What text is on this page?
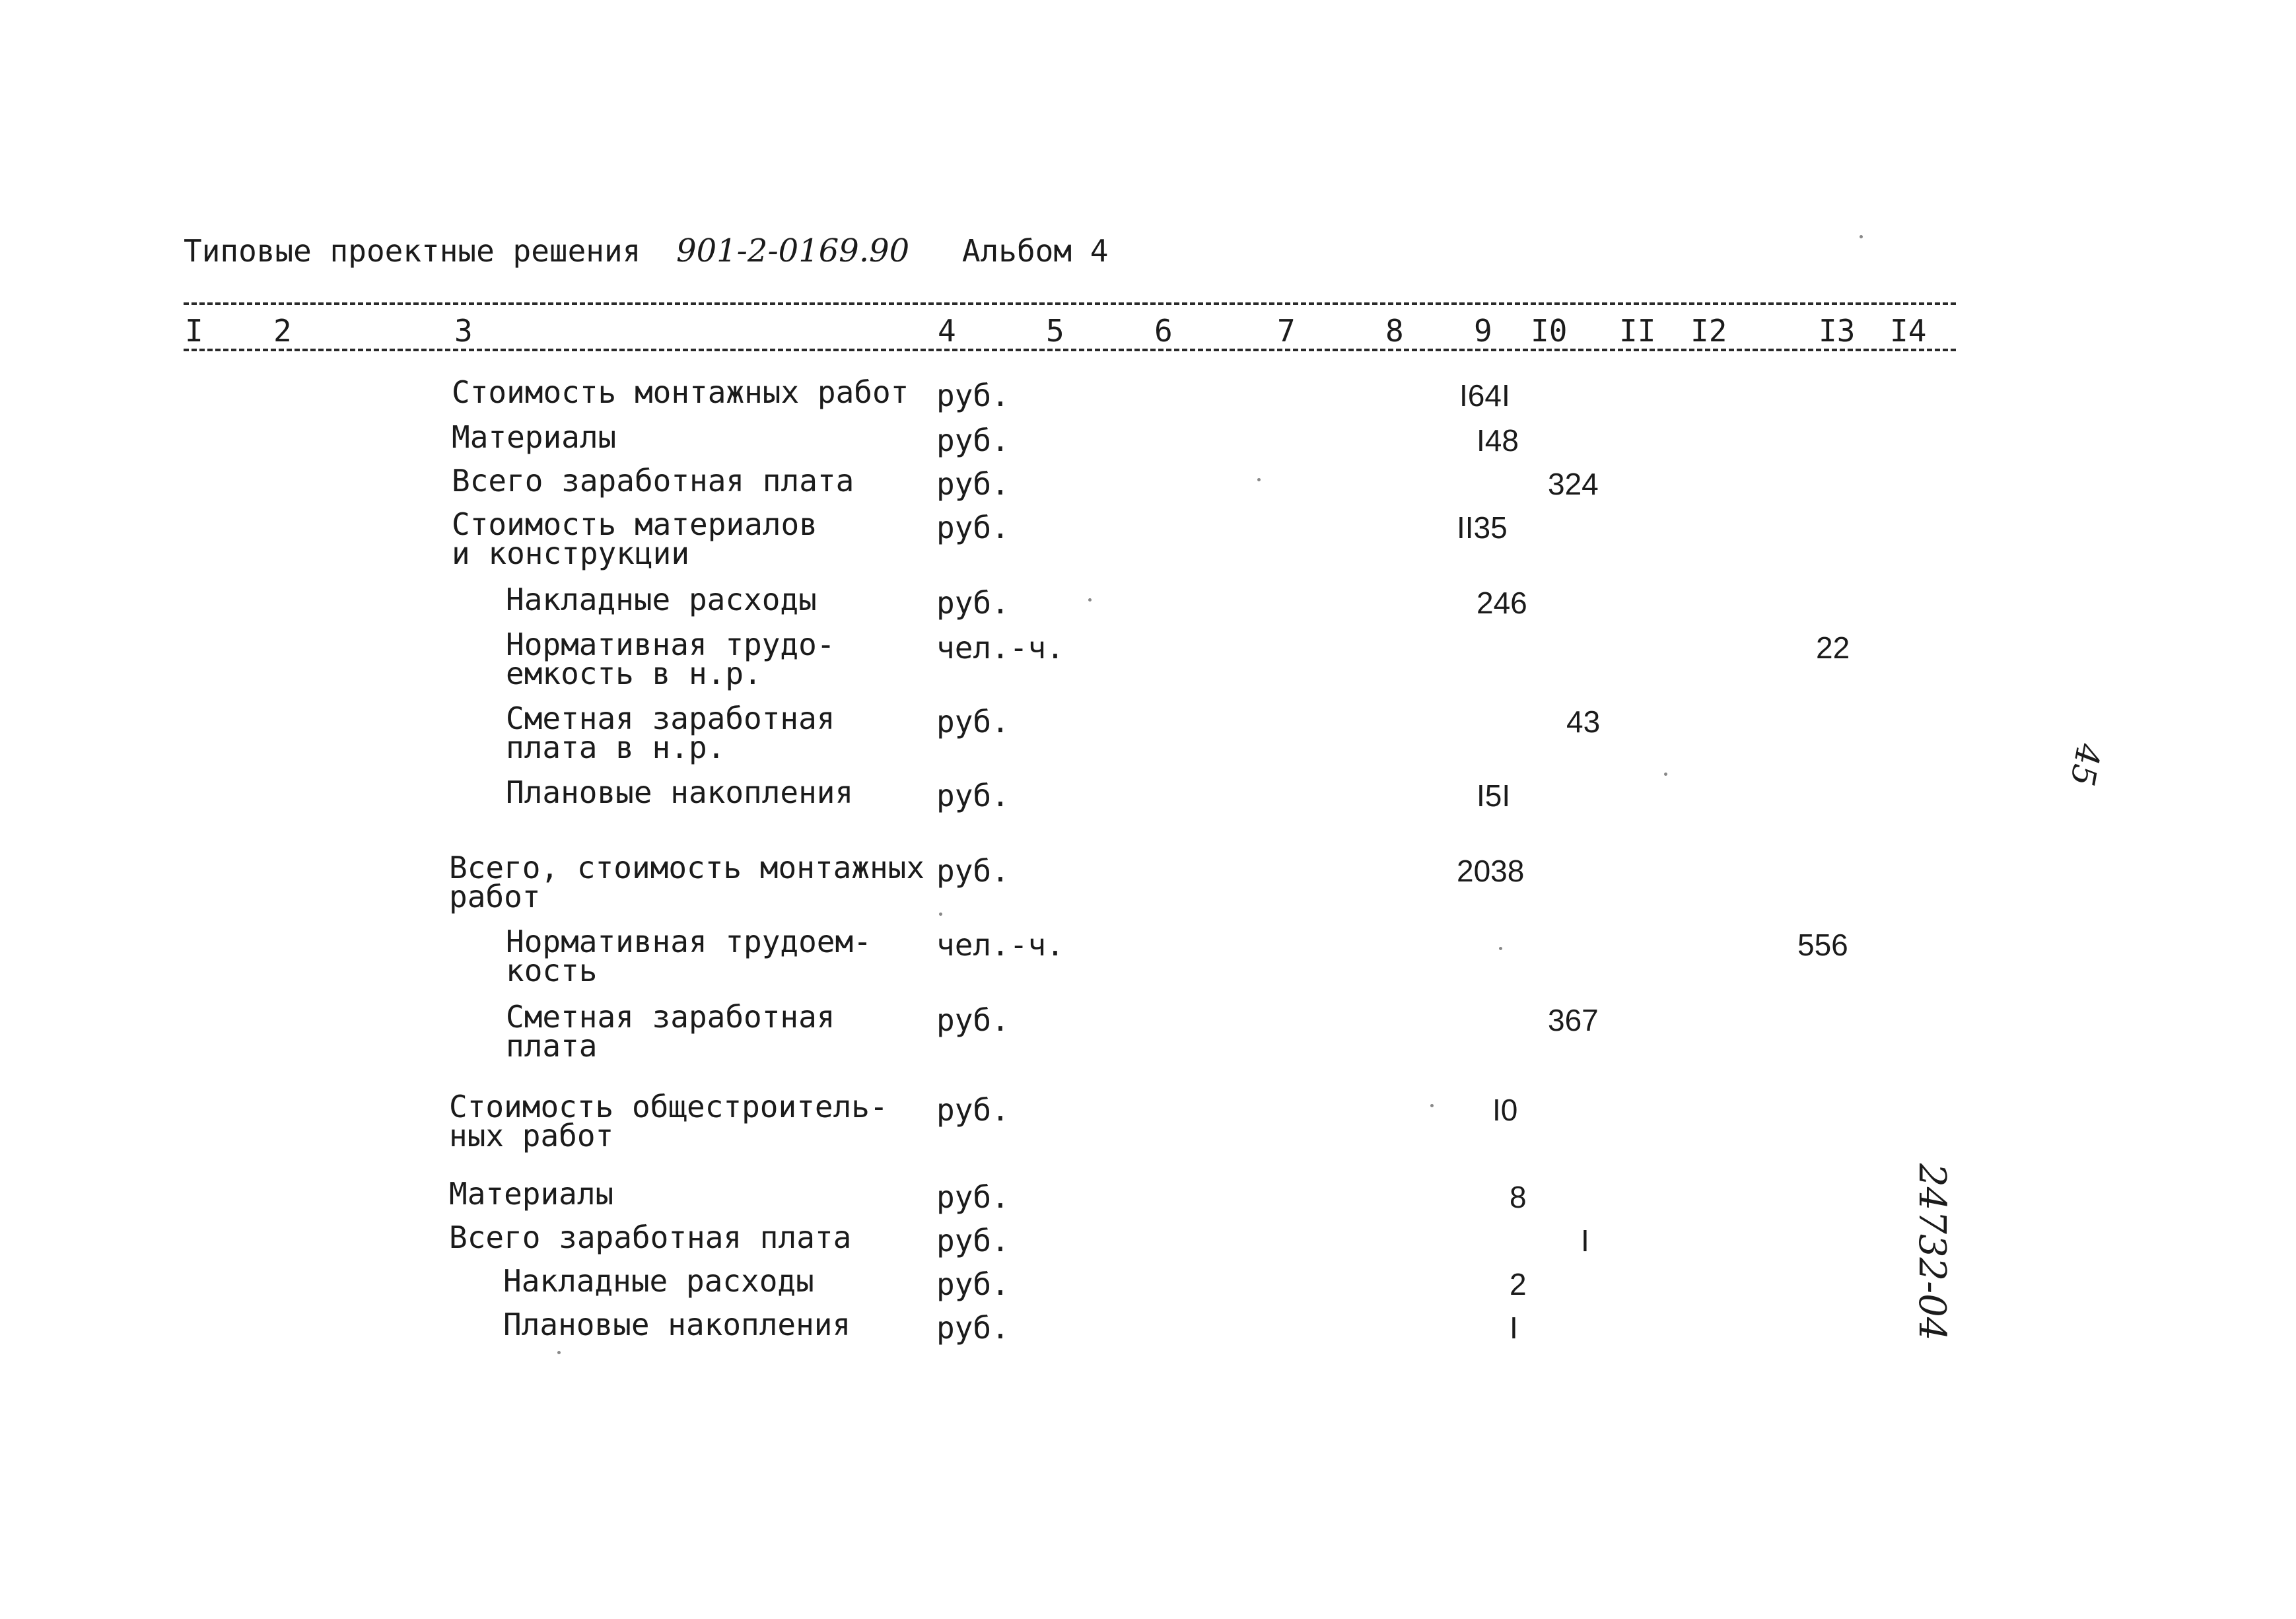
Типовые проектные решения 901-2-0169.90 Альбом 4
I 2	3	4	5	6	7	8 9 I0 II I2	I3 I4
Стоимость монтажных работ руб.	I64I
Материалы	руб.	I48
Всего заработная плата	руб.	324
Стоимость материалов
и конструкции
руб.	II35
Накладные расходы	руб.	246
Нормативная трудо-
емкость в н.р.
чел.-ч.	22
Сметная заработная
плата в н.р.
руб.	43
Плановые накопления	руб.	I5I
Всего, стоимость монтажных
работ
руб.	2038
Нормативная трудоем-
кость
чел.-ч.	556
Сметная заработная
плата
руб.	367
Стоимость общестроитель-
ных работ
руб.	I0
Материалы	руб.	8
Всего заработная плата	руб.	I
Накладные расходы	руб.	2
Плановые накопления	руб.	I
45
24732-04
